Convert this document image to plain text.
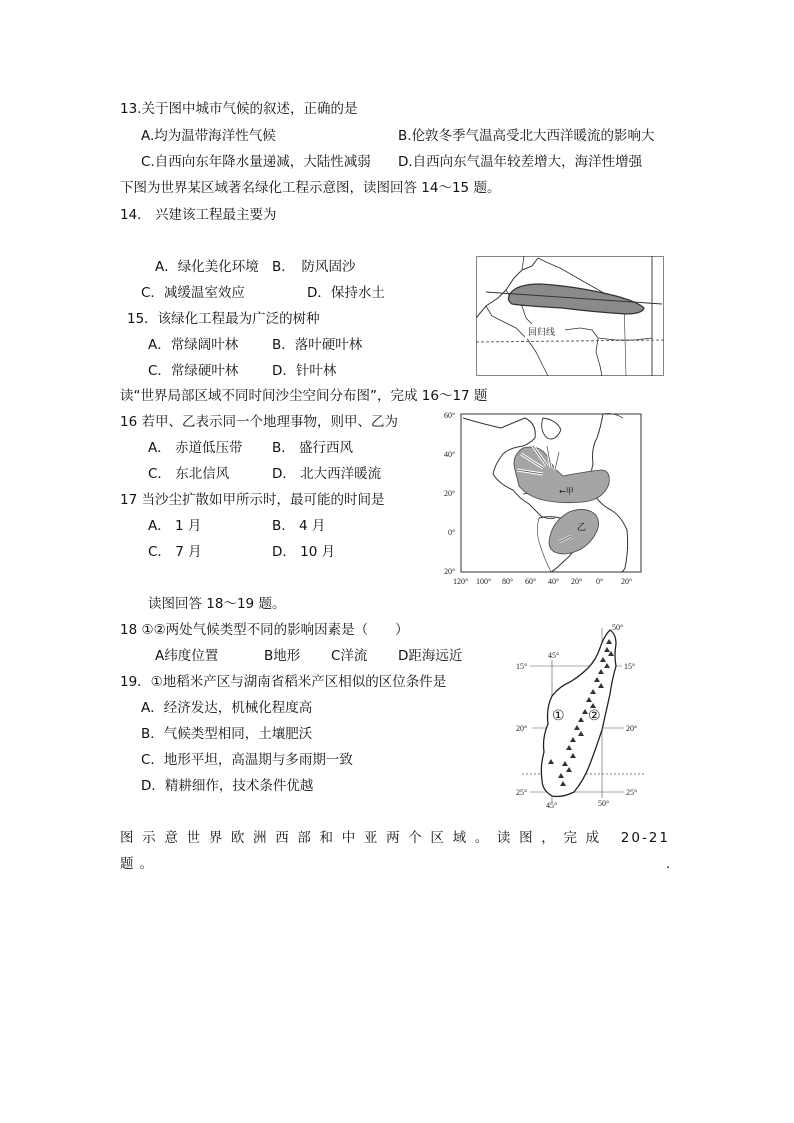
13.关于图中城市气候的叙述，正确的是
A.均为温带海洋性气候	B.伦敦冬季气温高受北大西洋暖流的影响大
C.自西向东年降水量递减，大陆性减弱 D.自西向东气温年较差增大，海洋性增强
下图为世界某区域著名绿化工程示意图，读图回答 14～15 题。
14． 兴建该工程最主要为
A．绿化美化环境 B．　防风固沙
C．减缓温室效应	D．保持水土
15．该绿化工程最为广泛的树种
A．常绿阔叶林	B．落叶硬叶林
C．常绿硬叶林 D．针叶林
回归线
读“世界局部区域不同时间沙尘空间分布图”，完成 16～17 题
16 若甲、乙表示同一个地理事物，则甲、乙为
A． 赤道低压带 B． 盛行西风
C． 东北信风	D． 北大西洋暖流
17 当沙尘扩散如甲所示时，最可能的时间是
A． 1 月	B． 4 月
C． 7 月	D． 10 月
60°
40°
20°
0°
20°
120° 100° 80° 60° 40° 20° 0° 20°
←甲
乙
读图回答 18～19 题。
18 ①②两处气候类型不同的影响因素是（　　）
A纬度位置	B地形 C洋流 D距海远近
19．①地稻米产区与湖南省稻米产区相似的区位条件是
A．经济发达，机械化程度高
B．气候类型相同，土壤肥沃
C．地形平坦，高温期与多雨期一致
D．精耕细作，技术条件优越
50°
45°
15°	15°
20°	20°
25°	25°
45°	50°
① ②
图示意世界欧洲西部和中亚两个区域。读图，完成 20-21
题。	.
